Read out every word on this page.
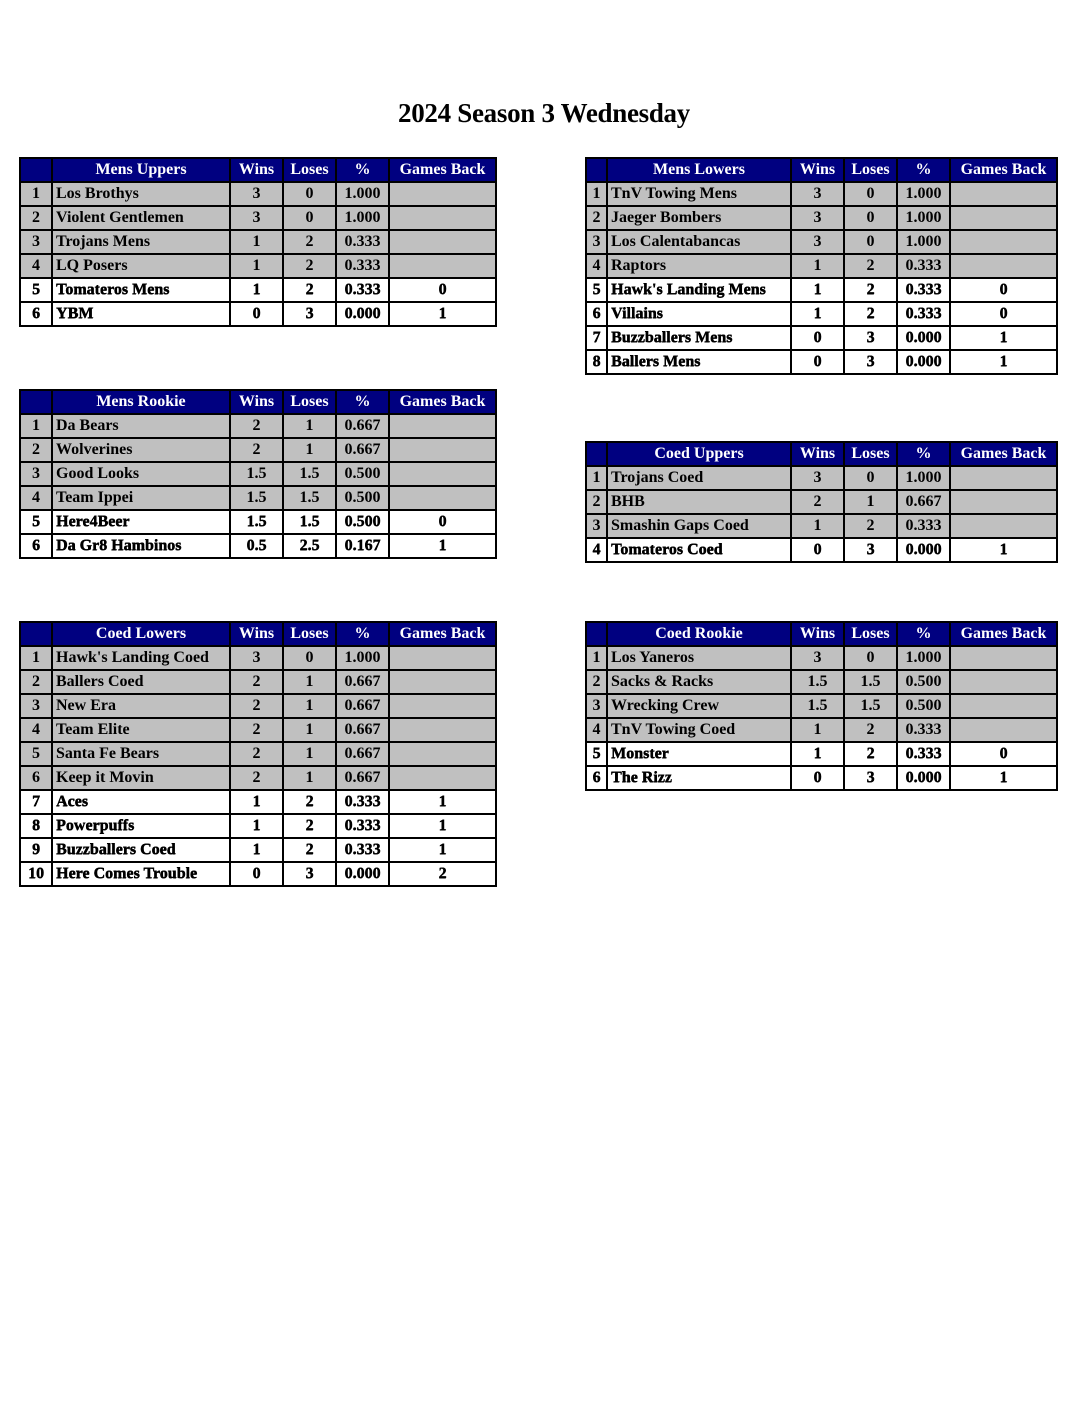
2024 Season 3 Wednesday
	Mens Uppers	Wins	Loses	%	Games Back
1	Los Brothys	3	0	1.000	
2	Violent Gentlemen	3	0	1.000	
3	Trojans Mens	1	2	0.333	
4	LQ Posers	1	2	0.333	
5	Tomateros Mens	1	2	0.333	0
6	YBM	0	3	0.000	1
	Mens Lowers	Wins	Loses	%	Games Back
1	TnV Towing Mens	3	0	1.000	
2	Jaeger Bombers	3	0	1.000	
3	Los Calentabancas	3	0	1.000	
4	Raptors	1	2	0.333	
5	Hawk's Landing Mens	1	2	0.333	0
6	Villains	1	2	0.333	0
7	Buzzballers Mens	0	3	0.000	1
8	Ballers Mens	0	3	0.000	1
	Mens Rookie	Wins	Loses	%	Games Back
1	Da Bears	2	1	0.667	
2	Wolverines	2	1	0.667	
3	Good Looks	1.5	1.5	0.500	
4	Team Ippei	1.5	1.5	0.500	
5	Here4Beer	1.5	1.5	0.500	0
6	Da Gr8 Hambinos	0.5	2.5	0.167	1
	Coed Uppers	Wins	Loses	%	Games Back
1	Trojans Coed	3	0	1.000	
2	BHB	2	1	0.667	
3	Smashin Gaps Coed	1	2	0.333	
4	Tomateros Coed	0	3	0.000	1
	Coed Lowers	Wins	Loses	%	Games Back
1	Hawk's Landing Coed	3	0	1.000	
2	Ballers Coed	2	1	0.667	
3	New Era	2	1	0.667	
4	Team Elite	2	1	0.667	
5	Santa Fe Bears	2	1	0.667	
6	Keep it Movin	2	1	0.667	
7	Aces	1	2	0.333	1
8	Powerpuffs	1	2	0.333	1
9	Buzzballers Coed	1	2	0.333	1
10	Here Comes Trouble	0	3	0.000	2
	Coed Rookie	Wins	Loses	%	Games Back
1	Los Yaneros	3	0	1.000	
2	Sacks & Racks	1.5	1.5	0.500	
3	Wrecking Crew	1.5	1.5	0.500	
4	TnV Towing Coed	1	2	0.333	
5	Monster	1	2	0.333	0
6	The Rizz	0	3	0.000	1
